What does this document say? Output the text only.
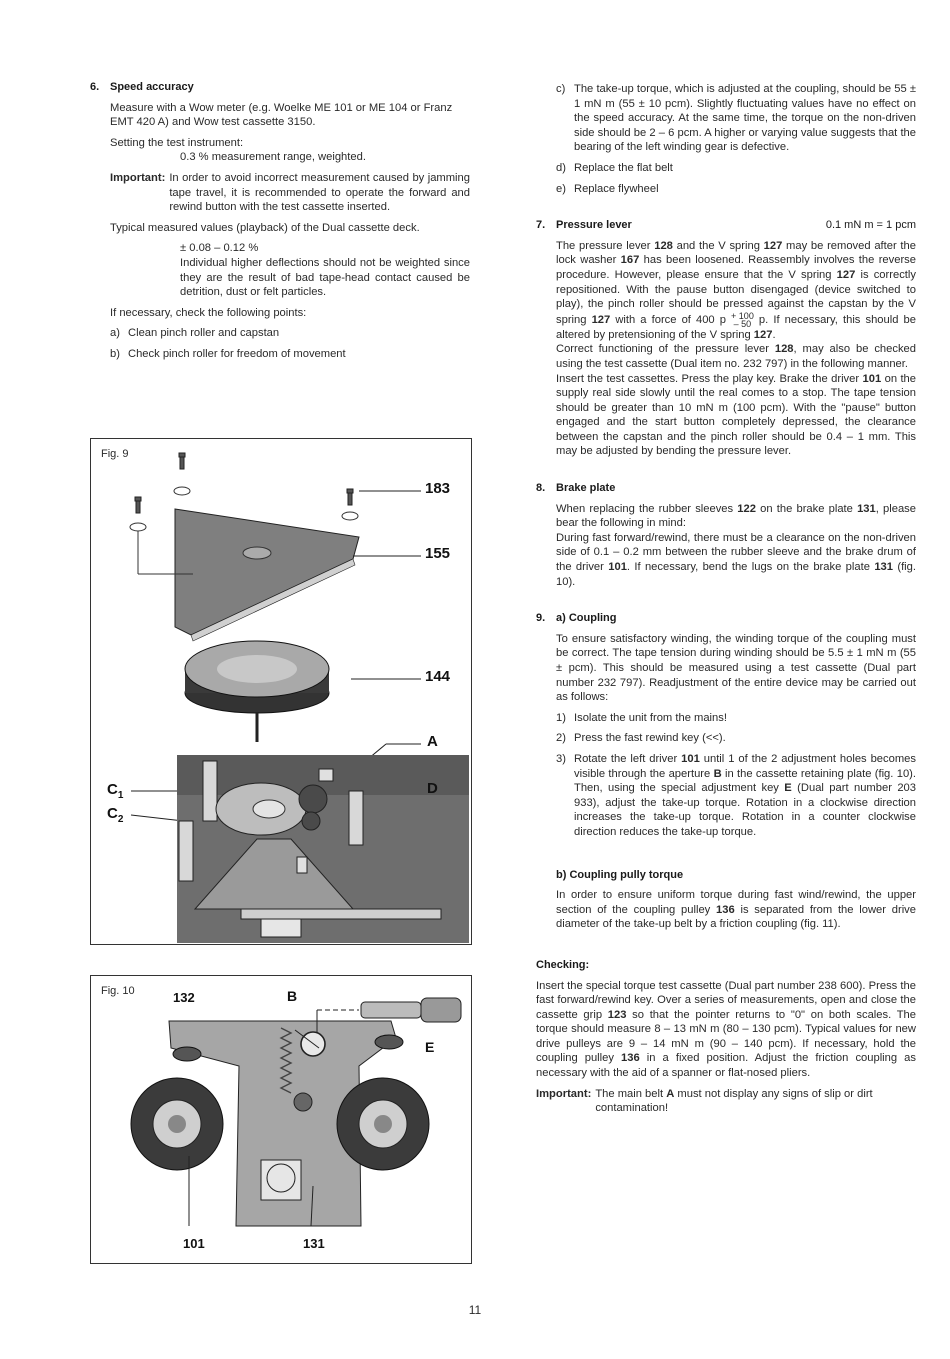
6. Speed accuracy

Measure with a Wow meter (e.g. Woelke ME 101 or ME 104 or Franz EMT 420 A) and Wow test cassette 3150.

Setting the test instrument:

0.3 % measurement range, weighted.

Important: In order to avoid incorrect measurement caused by jamming tape travel, it is recommended to operate the forward and rewind button with the test cassette inserted.

Typical measured values (playback) of the Dual cassette deck.

± 0.08 – 0.12 %

Individual higher deflections should not be weighted since they are the result of bad tape-head contact caused be detrition, dust or felt particles.

If necessary, check the following points:

a) Clean pinch roller and capstan
b) Check pinch roller for freedom of movement
Fig. 9
183
155
144
A
D
$C_1$
$C_2$
Fig. 10	132	B
E
101	131
c) The take-up torque, which is adjusted at the coupling, should be 55 ± 1 mN m (55 ± 10 pcm). Slightly fluctuating values have no effect on the speed accuracy. At the same time, the torque on the non-driven side should be 2 – 6 pcm. A higher or varying value suggests that the bearing of the left winding gear is defective.
d) Replace the flat belt
e) Replace flywheel
7. Pressure lever	0.1 mN m = 1 pcm

The pressure lever 128 and the V spring 127 may be removed after the lock washer 167 has been loosened. Reassembly involves the reverse procedure. However, please ensure that the V spring 127 is correctly repositioned. With the pause button disengaged (device switched to play), the pinch roller should be pressed against the capstan by the V spring 127 with a force of 400 p + 100
– 50 p. If necessary, this should be altered by pretensioning of the V spring 127.

Correct functioning of the pressure lever 128, may also be checked using the test cassette (Dual item no. 232 797) in the following manner.

Insert the test cassettes. Press the play key. Brake the driver 101 on the supply real side slowly until the real comes to a stop. The tape tension should be greater than 10 mN m (100 pcm). With the "pause" button engaged and the start button completely depressed, the clearance between the capstan and the pinch roller should be 0.4 – 1 mm. This may be adjusted by bending the pressure lever.

8. Brake plate

When replacing the rubber sleeves 122 on the brake plate 131, please bear the following in mind:

During fast forward/rewind, there must be a clearance on the non-driven side of 0.1 – 0.2 mm between the rubber sleeve and the brake drum of the driver 101. If necessary, bend the lugs on the brake plate 131 (fig. 10).

9. a) Coupling

To ensure satisfactory winding, the winding torque of the coupling must be correct. The tape tension during winding should be 5.5 ± 1 mN m (55 ± pcm). This should be measured using a test cassette (Dual part number 232 797). Readjustment of the entire device may be carried out as follows:

1) Isolate the unit from the mains!
2) Press the fast rewind key (<<).
3) Rotate the left driver 101 until 1 of the 2 adjustment holes becomes visible through the aperture B in the cassette retaining plate (fig. 10). Then, using the special adjustment key E (Dual part number 203 933), adjust the take-up torque. Rotation in a clockwise direction increases the take-up torque. Rotation in a counter clockwise direction reduces the take-up torque.
b) Coupling pully torque

In order to ensure uniform torque during fast wind/rewind, the upper section of the coupling pulley 136 is separated from the lower drive diameter of the take-up belt by a friction coupling (fig. 11).

Checking:

Insert the special torque test cassette (Dual part number 238 600). Press the fast forward/rewind key. Over a series of measurements, open and close the cassette grip 123 so that the pointer returns to "0" on both scales. The torque should measure 8 – 13 mN m (80 – 130 pcm). Typical values for new drive pulleys are 9 – 14 mN m (90 – 140 pcm). If necessary, hold the coupling pulley 136 in a fixed position. Adjust the friction coupling as necessary with the aid of a spanner or flat-nosed pliers.

Important: The main belt A must not display any signs of slip or dirt contamination!
11
